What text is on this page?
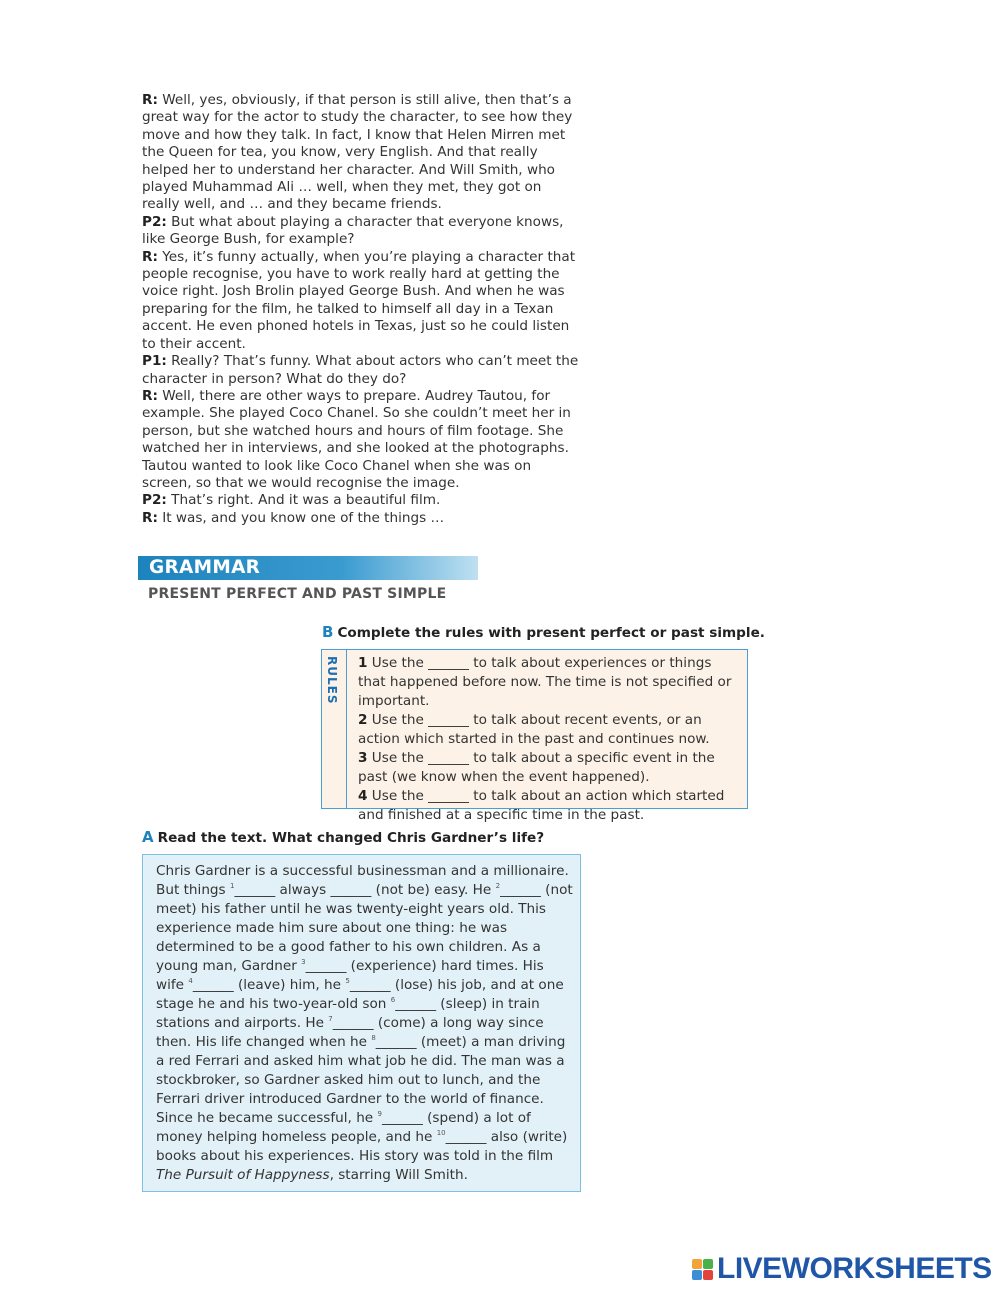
R: Well, yes, obviously, if that person is still alive, then that’s a great way for the actor to study the character, to see how they move and how they talk. In fact, I know that Helen Mirren met the Queen for tea, you know, very English. And that really helped her to understand her character. And Will Smith, who played Muhammad Ali … well, when they met, they got on really well, and … and they became friends.

P2: But what about playing a character that everyone knows, like George Bush, for example?

R: Yes, it’s funny actually, when you’re playing a character that people recognise, you have to work really hard at getting the voice right. Josh Brolin played George Bush. And when he was preparing for the film, he talked to himself all day in a Texan accent. He even phoned hotels in Texas, just so he could listen to their accent.

P1: Really? That’s funny. What about actors who can’t meet the character in person? What do they do?

R: Well, there are other ways to prepare. Audrey Tautou, for example. She played Coco Chanel. So she couldn’t meet her in person, but she watched hours and hours of film footage. She watched her in interviews, and she looked at the photographs. Tautou wanted to look like Coco Chanel when she was on screen, so that we would recognise the image.

P2: That’s right. And it was a beautiful film.

R: It was, and you know one of the things …

GRAMMAR
PRESENT PERFECT AND PAST SIMPLE
B Complete the rules with present perfect or past simple.
RULES 1 Use the ______ to talk about experiences or things that happened before now. The time is not specified or important.

2 Use the ______ to talk about recent events, or an action which started in the past and continues now.

3 Use the ______ to talk about a specific event in the past (we know when the event happened).

4 Use the ______ to talk about an action which started and finished at a specific time in the past.

A Read the text. What changed Chris Gardner’s life?

Chris Gardner is a successful businessman and a millionaire. But things $^1$______ always ______ (not be) easy. He $^2$______ (not meet) his father until he was twenty-eight years old. This experience made him sure about one thing: he was determined to be a good father to his own children. As a young man, Gardner $^3$______ (experience) hard times. His wife $^4$______ (leave) him, he $^5$______ (lose) his job, and at one stage he and his two-year-old son $^6$______ (sleep) in train stations and airports. He $^7$______ (come) a long way since then. His life changed when he $^8$______ (meet) a man driving a red Ferrari and asked him what job he did. The man was a stockbroker, so Gardner asked him out to lunch, and the Ferrari driver introduced Gardner to the world of finance. Since he became successful, he $^9$______ (spend) a lot of money helping homeless people, and he $^{10}$______ also (write) books about his experiences. His story was told in the film The Pursuit of Happyness, starring Will Smith.

LIVEWORKSHEETS
